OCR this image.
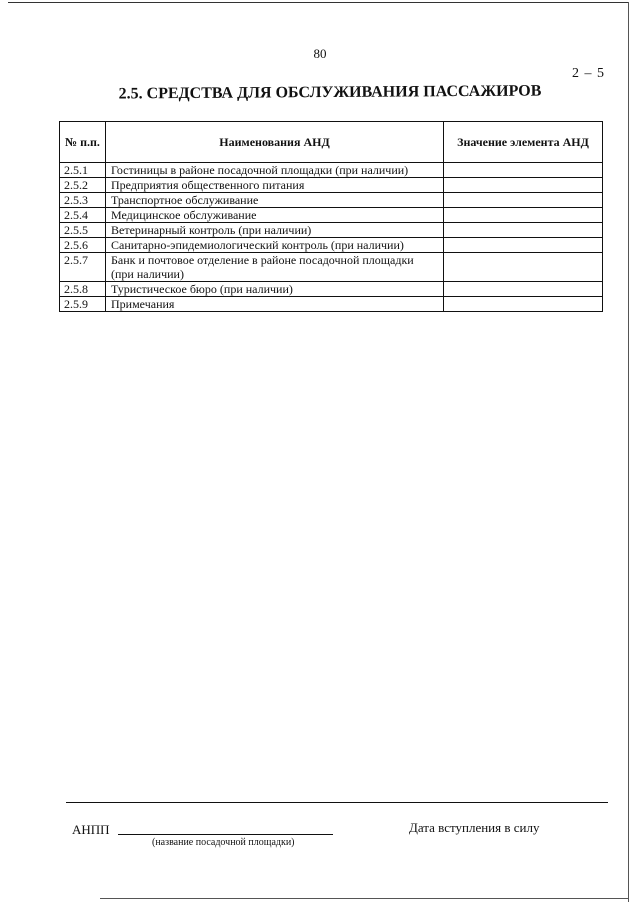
80
2 – 5
2.5. СРЕДСТВА ДЛЯ ОБСЛУЖИВАНИЯ ПАССАЖИРОВ
№ п.п.	Наименования АНД	Значение элемента АНД
2.5.1	Гостиницы в районе посадочной площадки (при наличии)	
2.5.2	Предприятия общественного питания	
2.5.3	Транспортное обслуживание	
2.5.4	Медицинское обслуживание	
2.5.5	Ветеринарный контроль (при наличии)	
2.5.6	Санитарно-эпидемиологический контроль (при наличии)	
2.5.7	Банк и почтовое отделение в районе посадочной площадки (при наличии)	
2.5.8	Туристическое бюро (при наличии)	
2.5.9	Примечания	
АНПП
(название посадочной площадки)
Дата вступления в силу
